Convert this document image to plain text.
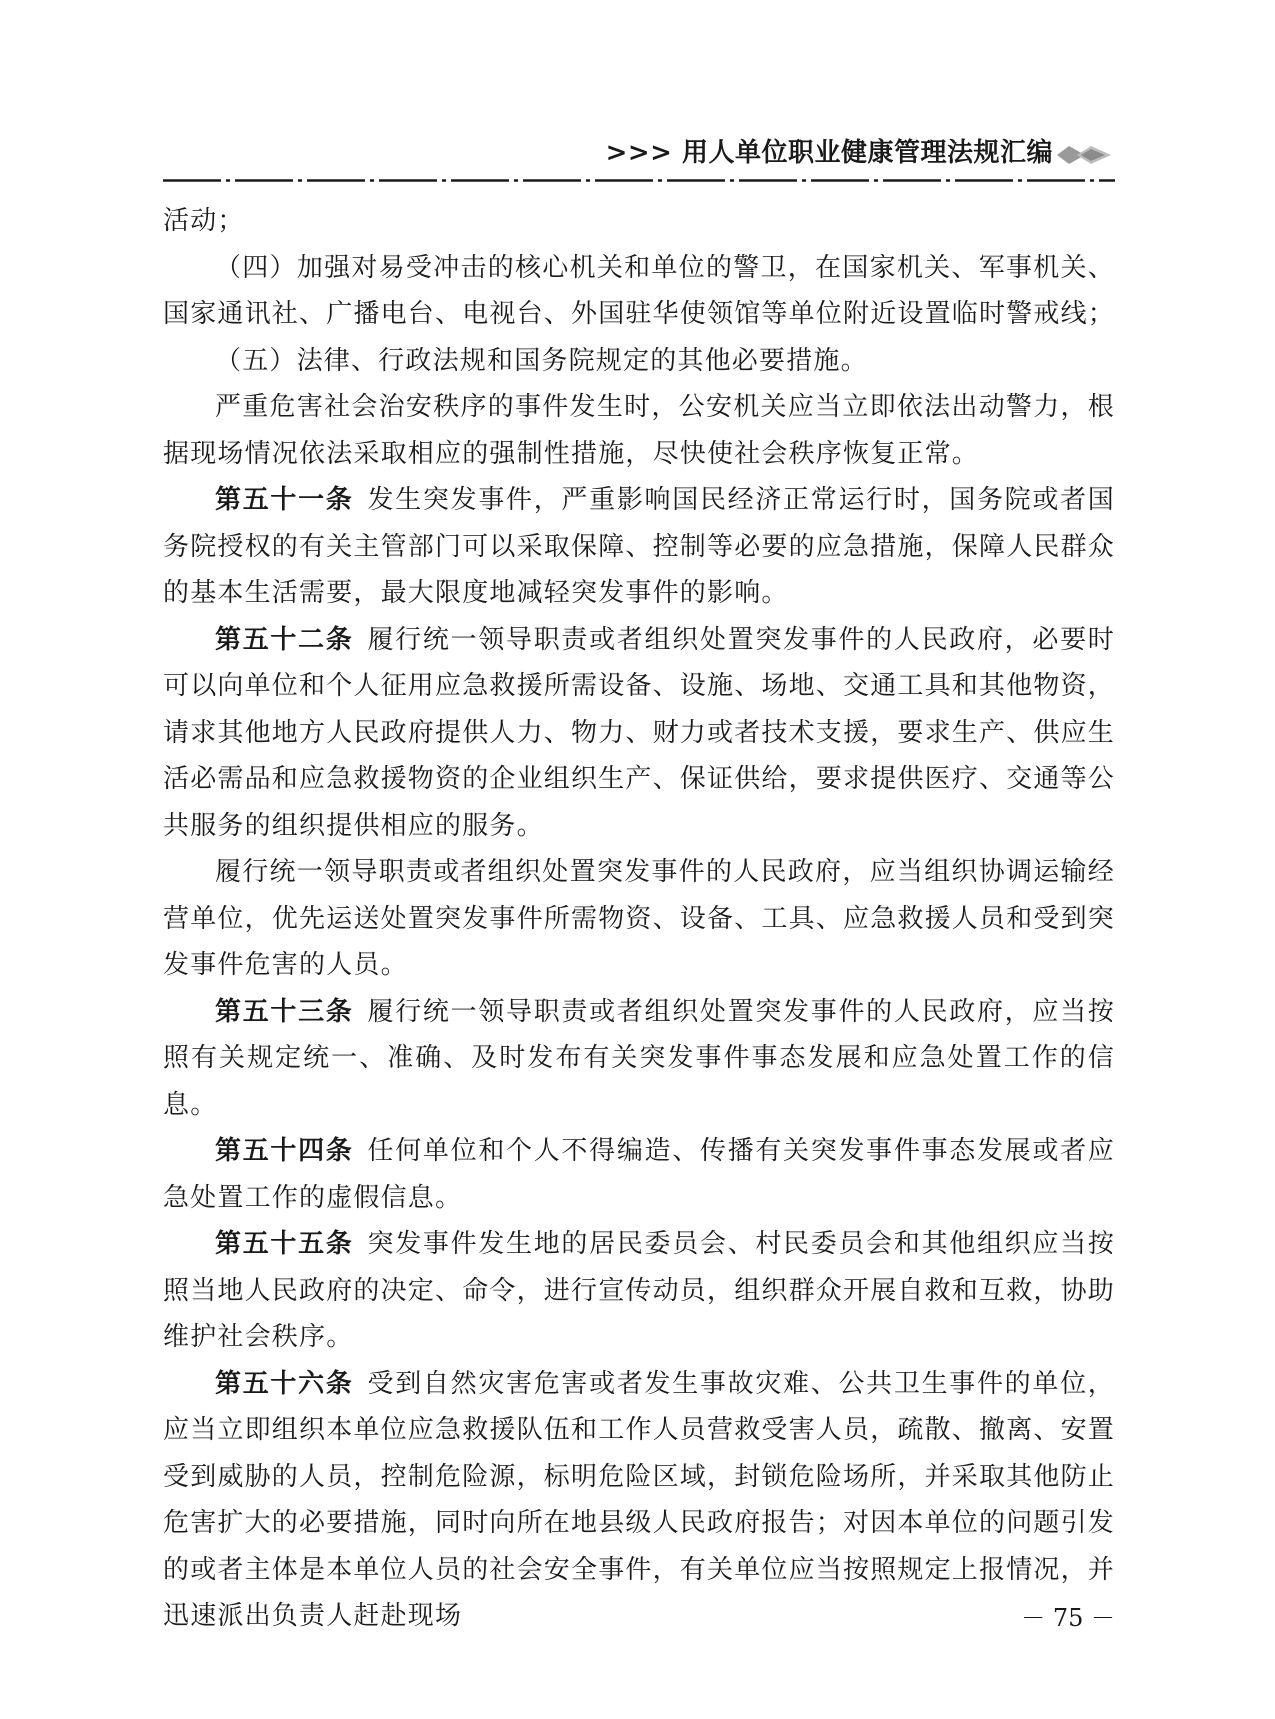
>>> 用人单位职业健康管理法规汇编

活动；

（四）加强对易受冲击的核心机关和单位的警卫，在国家机关、军事机关、国家通讯社、广播电台、电视台、外国驻华使领馆等单位附近设置临时警戒线；

（五）法律、行政法规和国务院规定的其他必要措施。

严重危害社会治安秩序的事件发生时，公安机关应当立即依法出动警力，根据现场情况依法采取相应的强制性措施，尽快使社会秩序恢复正常。

第五十一条 发生突发事件，严重影响国民经济正常运行时，国务院或者国务院授权的有关主管部门可以采取保障、控制等必要的应急措施，保障人民群众的基本生活需要，最大限度地减轻突发事件的影响。

第五十二条 履行统一领导职责或者组织处置突发事件的人民政府，必要时可以向单位和个人征用应急救援所需设备、设施、场地、交通工具和其他物资，请求其他地方人民政府提供人力、物力、财力或者技术支援，要求生产、供应生活必需品和应急救援物资的企业组织生产、保证供给，要求提供医疗、交通等公共服务的组织提供相应的服务。

履行统一领导职责或者组织处置突发事件的人民政府，应当组织协调运输经营单位，优先运送处置突发事件所需物资、设备、工具、应急救援人员和受到突发事件危害的人员。

第五十三条 履行统一领导职责或者组织处置突发事件的人民政府，应当按照有关规定统一、准确、及时发布有关突发事件事态发展和应急处置工作的信息。

第五十四条 任何单位和个人不得编造、传播有关突发事件事态发展或者应急处置工作的虚假信息。

第五十五条 突发事件发生地的居民委员会、村民委员会和其他组织应当按照当地人民政府的决定、命令，进行宣传动员，组织群众开展自救和互救，协助维护社会秩序。

第五十六条 受到自然灾害危害或者发生事故灾难、公共卫生事件的单位，应当立即组织本单位应急救援队伍和工作人员营救受害人员，疏散、撤离、安置受到威胁的人员，控制危险源，标明危险区域，封锁危险场所，并采取其他防止危害扩大的必要措施，同时向所在地县级人民政府报告；对因本单位的问题引发的或者主体是本单位人员的社会安全事件，有关单位应当按照规定上报情况，并迅速派出负责人赶赴现场	－ 75 －
